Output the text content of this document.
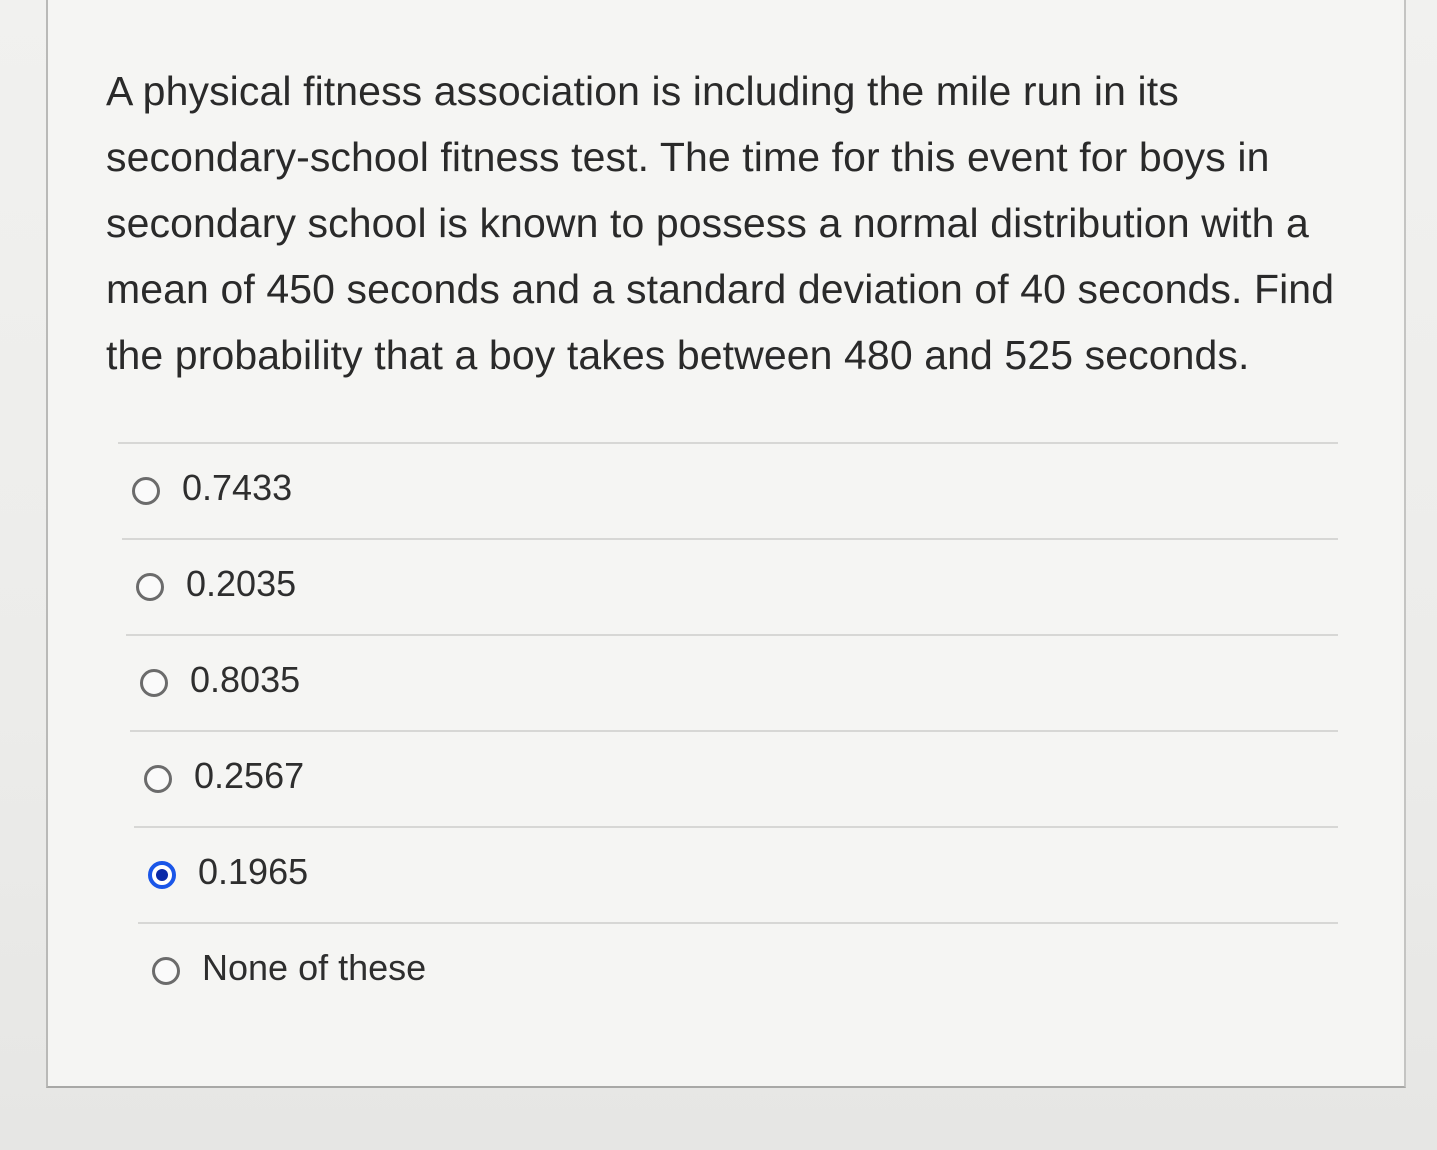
A physical fitness association is including the mile run in its secondary-school fitness test. The time for this event for boys in secondary school is known to possess a normal distribution with a mean of 450 seconds and a standard deviation of 40 seconds. Find the probability that a boy takes between 480 and 525 seconds.

0.7433
0.2035
0.8035
0.2567
0.1965
None of these
